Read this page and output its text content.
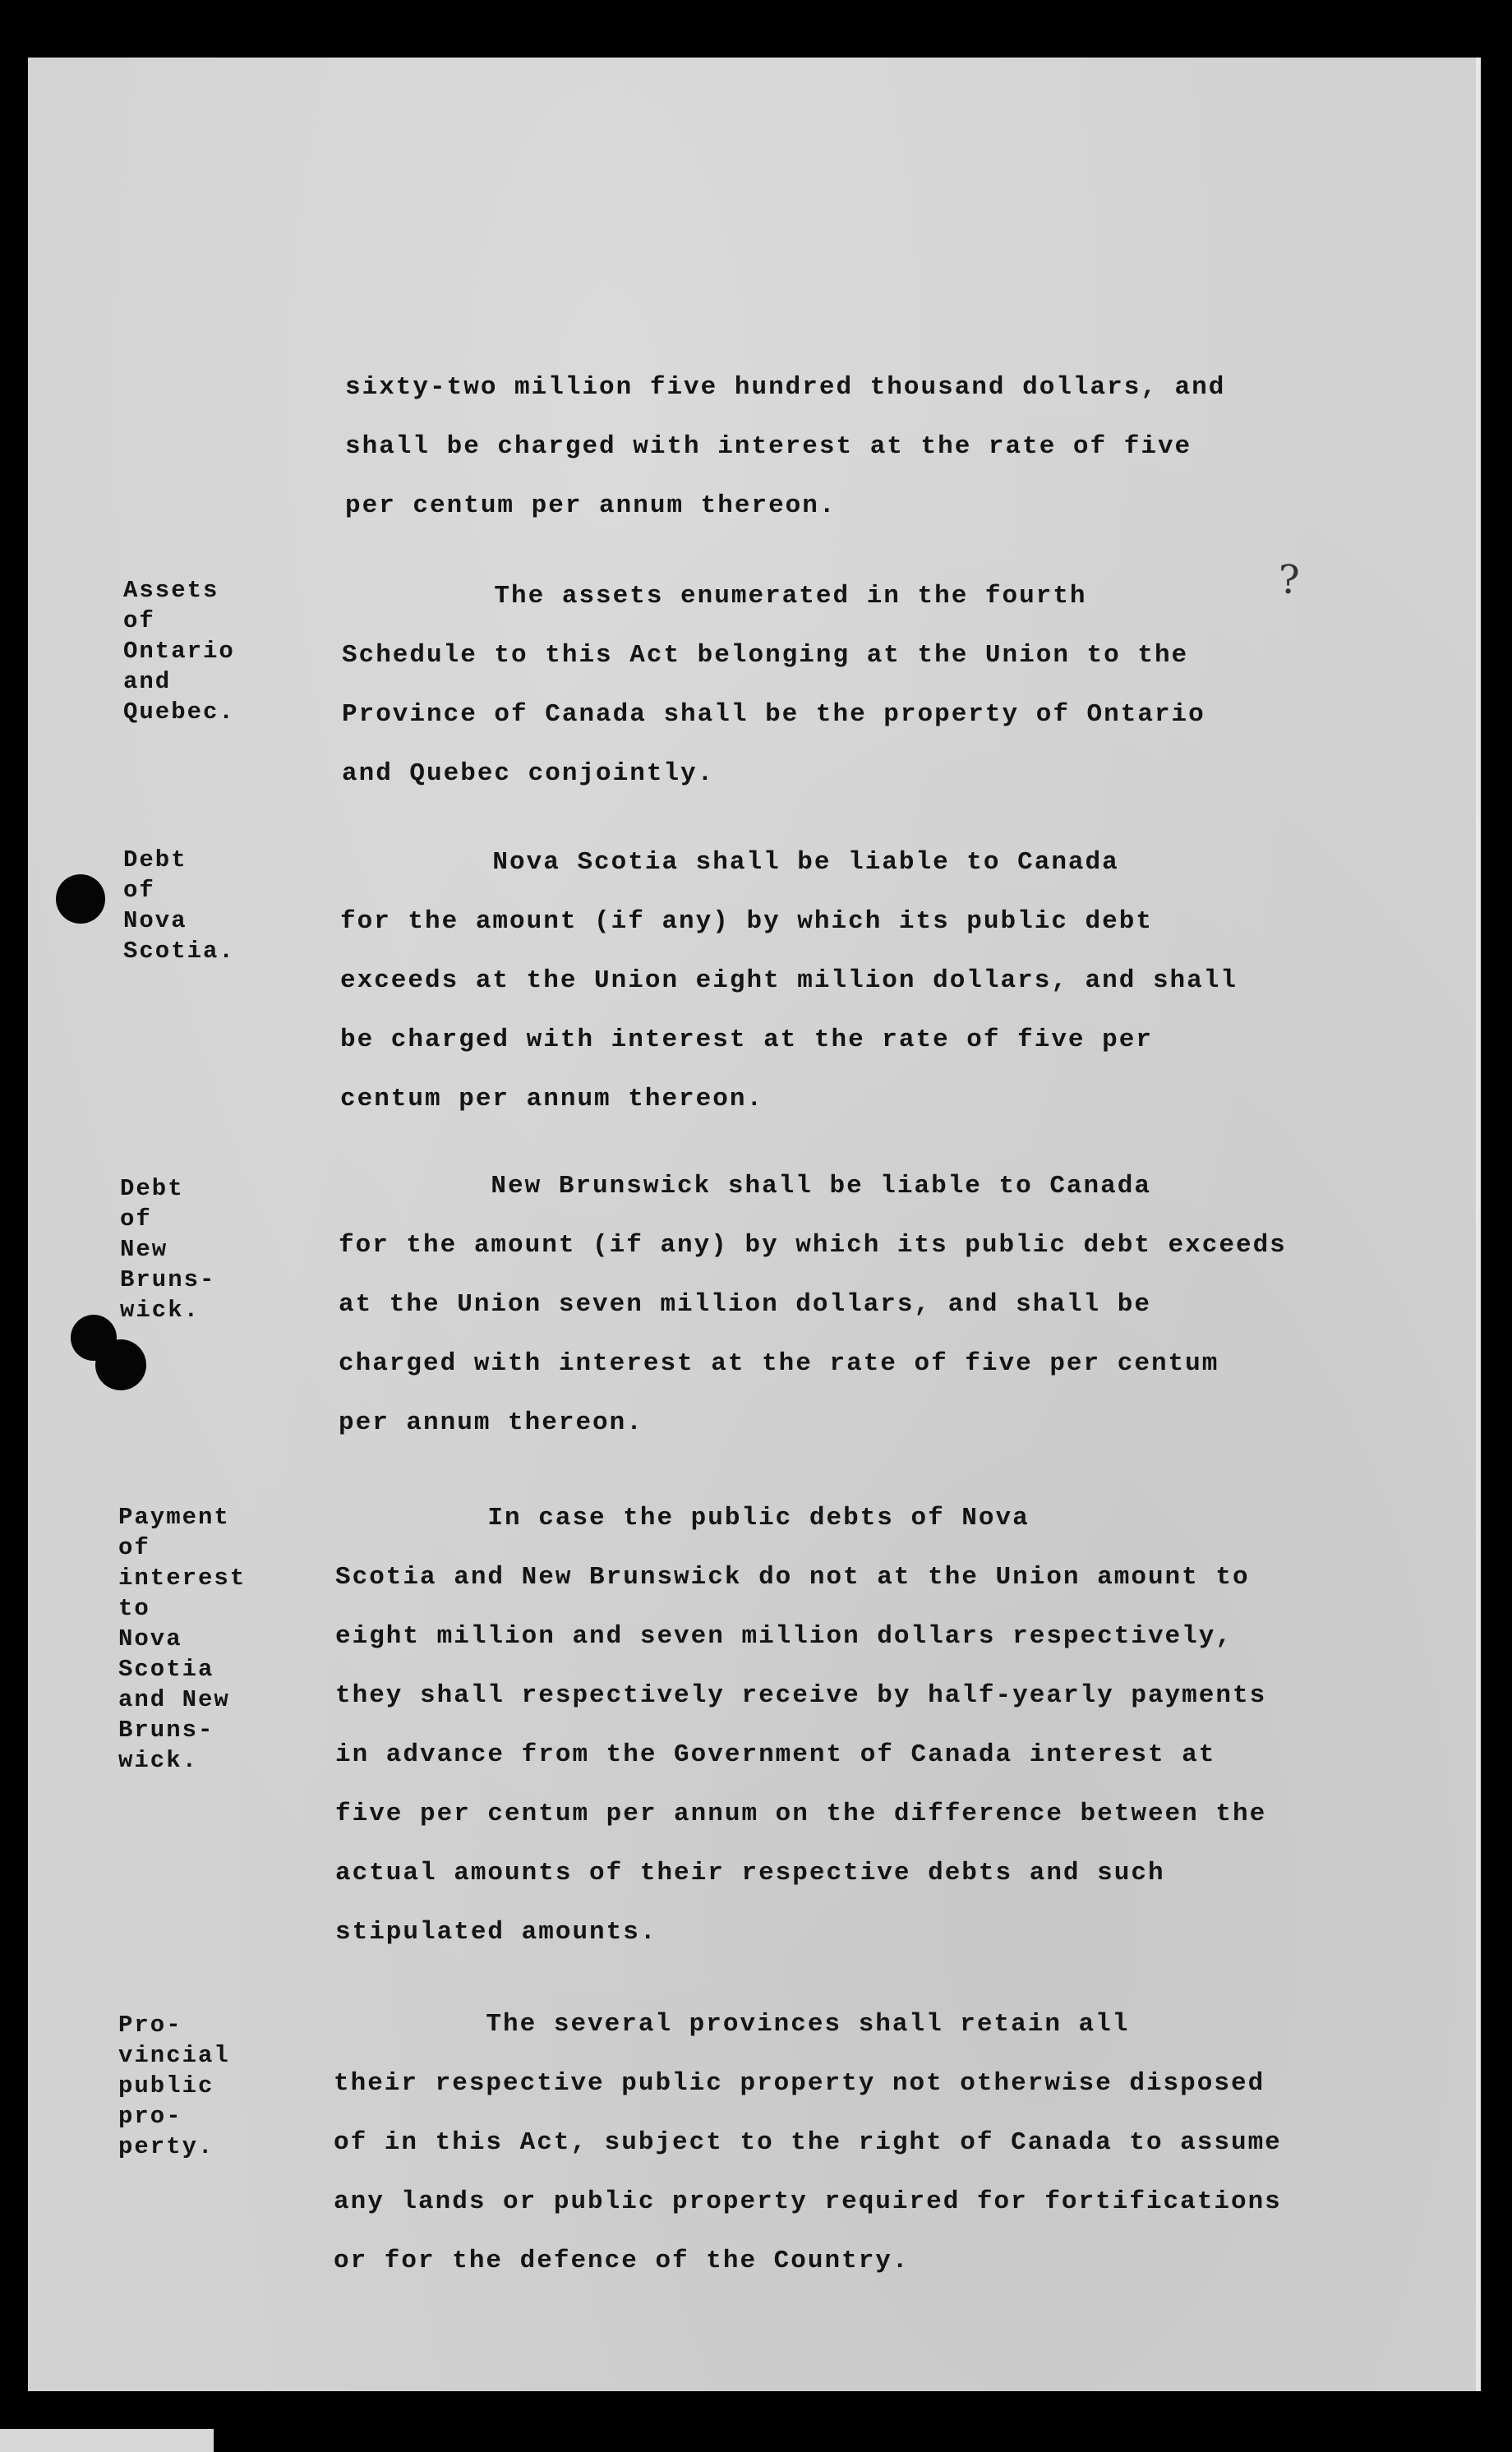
?
sixty-two million five hundred thousand dollars, and
shall be charged with interest at the rate of five
per centum per annum thereon.
Assets
of
Ontario
and
Quebec.
The assets enumerated in the fourth
Schedule to this Act belonging at the Union to the
Province of Canada shall be the property of Ontario
and Quebec conjointly.
Debt
of
Nova
Scotia.
Nova Scotia shall be liable to Canada
for the amount (if any) by which its public debt
exceeds at the Union eight million dollars, and shall
be charged with interest at the rate of five per
centum per annum thereon.
Debt
of
New
Bruns-
wick.
New Brunswick shall be liable to Canada
for the amount (if any) by which its public debt exceeds
at the Union seven million dollars, and shall be
charged with interest at the rate of five per centum
per annum thereon.
Payment
of
interest
to
Nova
Scotia
and New
Bruns-
wick.
In case the public debts of Nova
Scotia and New Brunswick do not at the Union amount to
eight million and seven million dollars respectively,
they shall respectively receive by half-yearly payments
in advance from the Government of Canada interest at
five per centum per annum on the difference between the
actual amounts of their respective debts and such
stipulated amounts.
Pro-
vincial
public
pro-
perty.
The several provinces shall retain all
their respective public property not otherwise disposed
of in this Act, subject to the right of Canada to assume
any lands or public property required for fortifications
or for the defence of the Country.
